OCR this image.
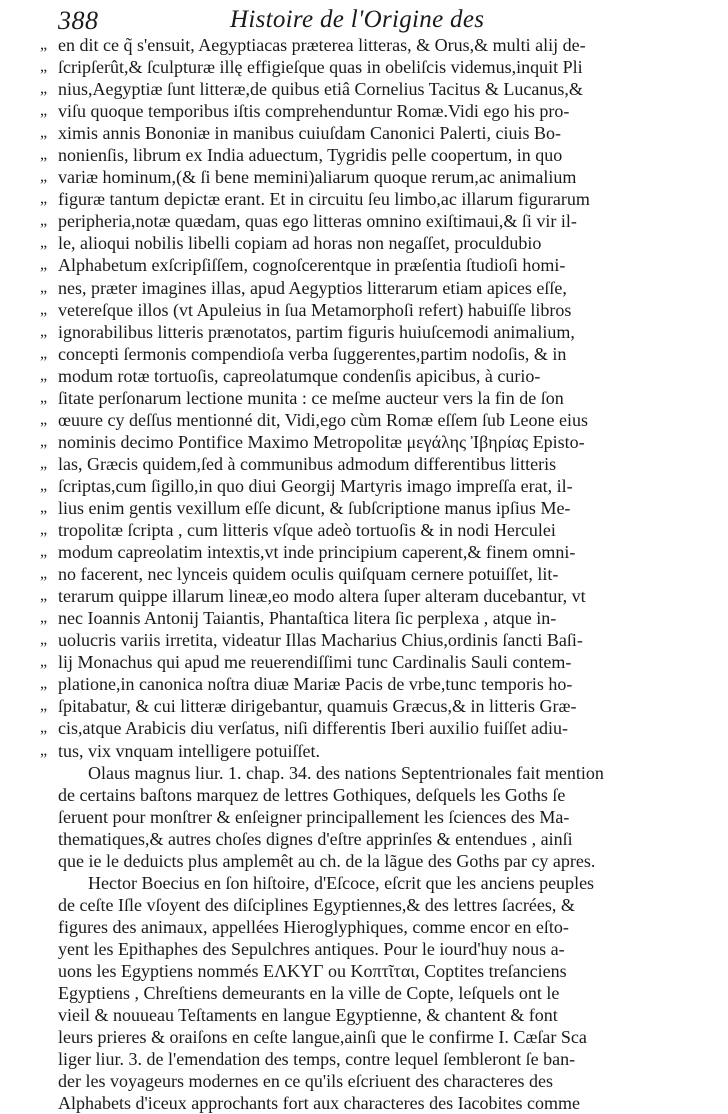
388	Histoire de l'Origine des
„ en dit ce q̃ s'ensuit, Aegyptiacas præterea litteras, & Orus,& multi alij de-
„ ſcripſerût,& ſculpturæ illę effigieſque quas in obeliſcis videmus,inquit Pli
„ nius,Aegyptiæ ſunt litteræ,de quibus etiâ Cornelius Tacitus & Lucanus,&
„ viſu quoque temporibus iſtis comprehenduntur Romæ.Vidi ego his pro-
„ ximis annis Bononiæ in manibus cuiuſdam Canonici Palerti, ciuis Bo-
„ nonienſis, librum ex India aduectum, Tygridis pelle coopertum, in quo
„ variæ hominum,(& ſi bene memini)aliarum quoque rerum,ac animalium
„ figuræ tantum depictæ erant. Et in circuitu ſeu limbo,ac illarum figurarum
„ peripheria,notæ quædam, quas ego litteras omnino exiſtimaui,& ſi vir il-
„ le, alioqui nobilis libelli copiam ad horas non negaſſet, proculdubio
„ Alphabetum exſcripſiſſem, cognoſcerentque in præſentia ſtudioſi homi-
„ nes, præter imagines illas, apud Aegyptios litterarum etiam apices eſſe,
„ vetereſque illos (vt Apuleius in ſua Metamorphoſi refert) habuiſſe libros
„ ignorabilibus litteris prænotatos, partim figuris huiuſcemodi animalium,
„ concepti ſermonis compendioſa verba ſuggerentes,partim nodoſis, & in
„ modum rotæ tortuoſis, capreolatumque condenſis apicibus, à curio-
„ ſitate perſonarum lectione munita : ce meſme aucteur vers la fin de ſon
„ œuure cy deſſus mentionné dit, Vidi,ego cùm Romæ eſſem ſub Leone eius
„ nominis decimo Pontifice Maximo Metropolitæ μεγάλης Ἰβηρίας Episto-
„ las, Græcis quidem,ſed à communibus admodum differentibus litteris
„ ſcriptas,cum ſigillo,in quo diui Georgij Martyris imago impreſſa erat, il-
„ lius enim gentis vexillum eſſe dicunt, & ſubſcriptione manus ipſius Me-
„ tropolitæ ſcripta , cum litteris vſque adeò tortuoſis & in nodi Herculei
„ modum capreolatim intextis,vt inde principium caperent,& finem omni-
„ no facerent, nec lynceis quidem oculis quiſquam cernere potuiſſet, lit-
„ terarum quippe illarum lineæ,eo modo altera ſuper alteram ducebantur, vt
„ nec Ioannis Antonij Taiantis, Phantaſtica litera ſic perplexa , atque in-
„ uolucris variis irretita, videatur Illas Macharius Chius,ordinis ſancti Baſi-
„ lij Monachus qui apud me reuerendiſſimi tunc Cardinalis Sauli contem-
„ platione,in canonica noſtra diuæ Mariæ Pacis de vrbe,tunc temporis ho-
„ ſpitabatur, & cui litteræ dirigebantur, quamuis Græcus,& in litteris Græ-
„ cis,atque Arabicis diu verſatus, niſi differentis Iberi auxilio fuiſſet adiu-
„ tus, vix vnquam intelligere potuiſſet.
Olaus magnus liur. 1. chap. 34. des nations Septentrionales fait mention
de certains baſtons marquez de lettres Gothiques, deſquels les Goths ſe
ſeruent pour monſtrer & enſeigner principallement les ſciences des Ma-
thematiques,& autres choſes dignes d'eſtre apprinſes & entendues , ainſi
que ie le deduicts plus amplemêt au ch. de la lãgue des Goths par cy apres.
Hector Boecius en ſon hiſtoire, d'Eſcoce, eſcrit que les anciens peuples
de ceſte Iſle vſoyent des diſciplines Egyptiennes,& des lettres ſacrées, &
figures des animaux, appellées Hieroglyphiques, comme encor en eſto-
yent les Epithaphes des Sepulchres antiques. Pour le iourd'huy nous a-
uons les Egyptiens nommés ΕΛΚΥΓ ou Κοπτῖται, Coptites treſanciens
Egyptiens , Chreſtiens demeurants en la ville de Copte, leſquels ont le
vieil & nouueau Teſtaments en langue Egyptienne, & chantent & font
leurs prieres & oraiſons en ceſte langue,ainſi que le confirme I. Cæſar Sca
liger liur. 3. de l'emendation des temps, contre lequel ſembleront ſe ban-
der les voyageurs modernes en ce qu'ils eſcriuent des characteres des
Alphabets d'iceux approchants fort aux characteres des Iacobites comme
